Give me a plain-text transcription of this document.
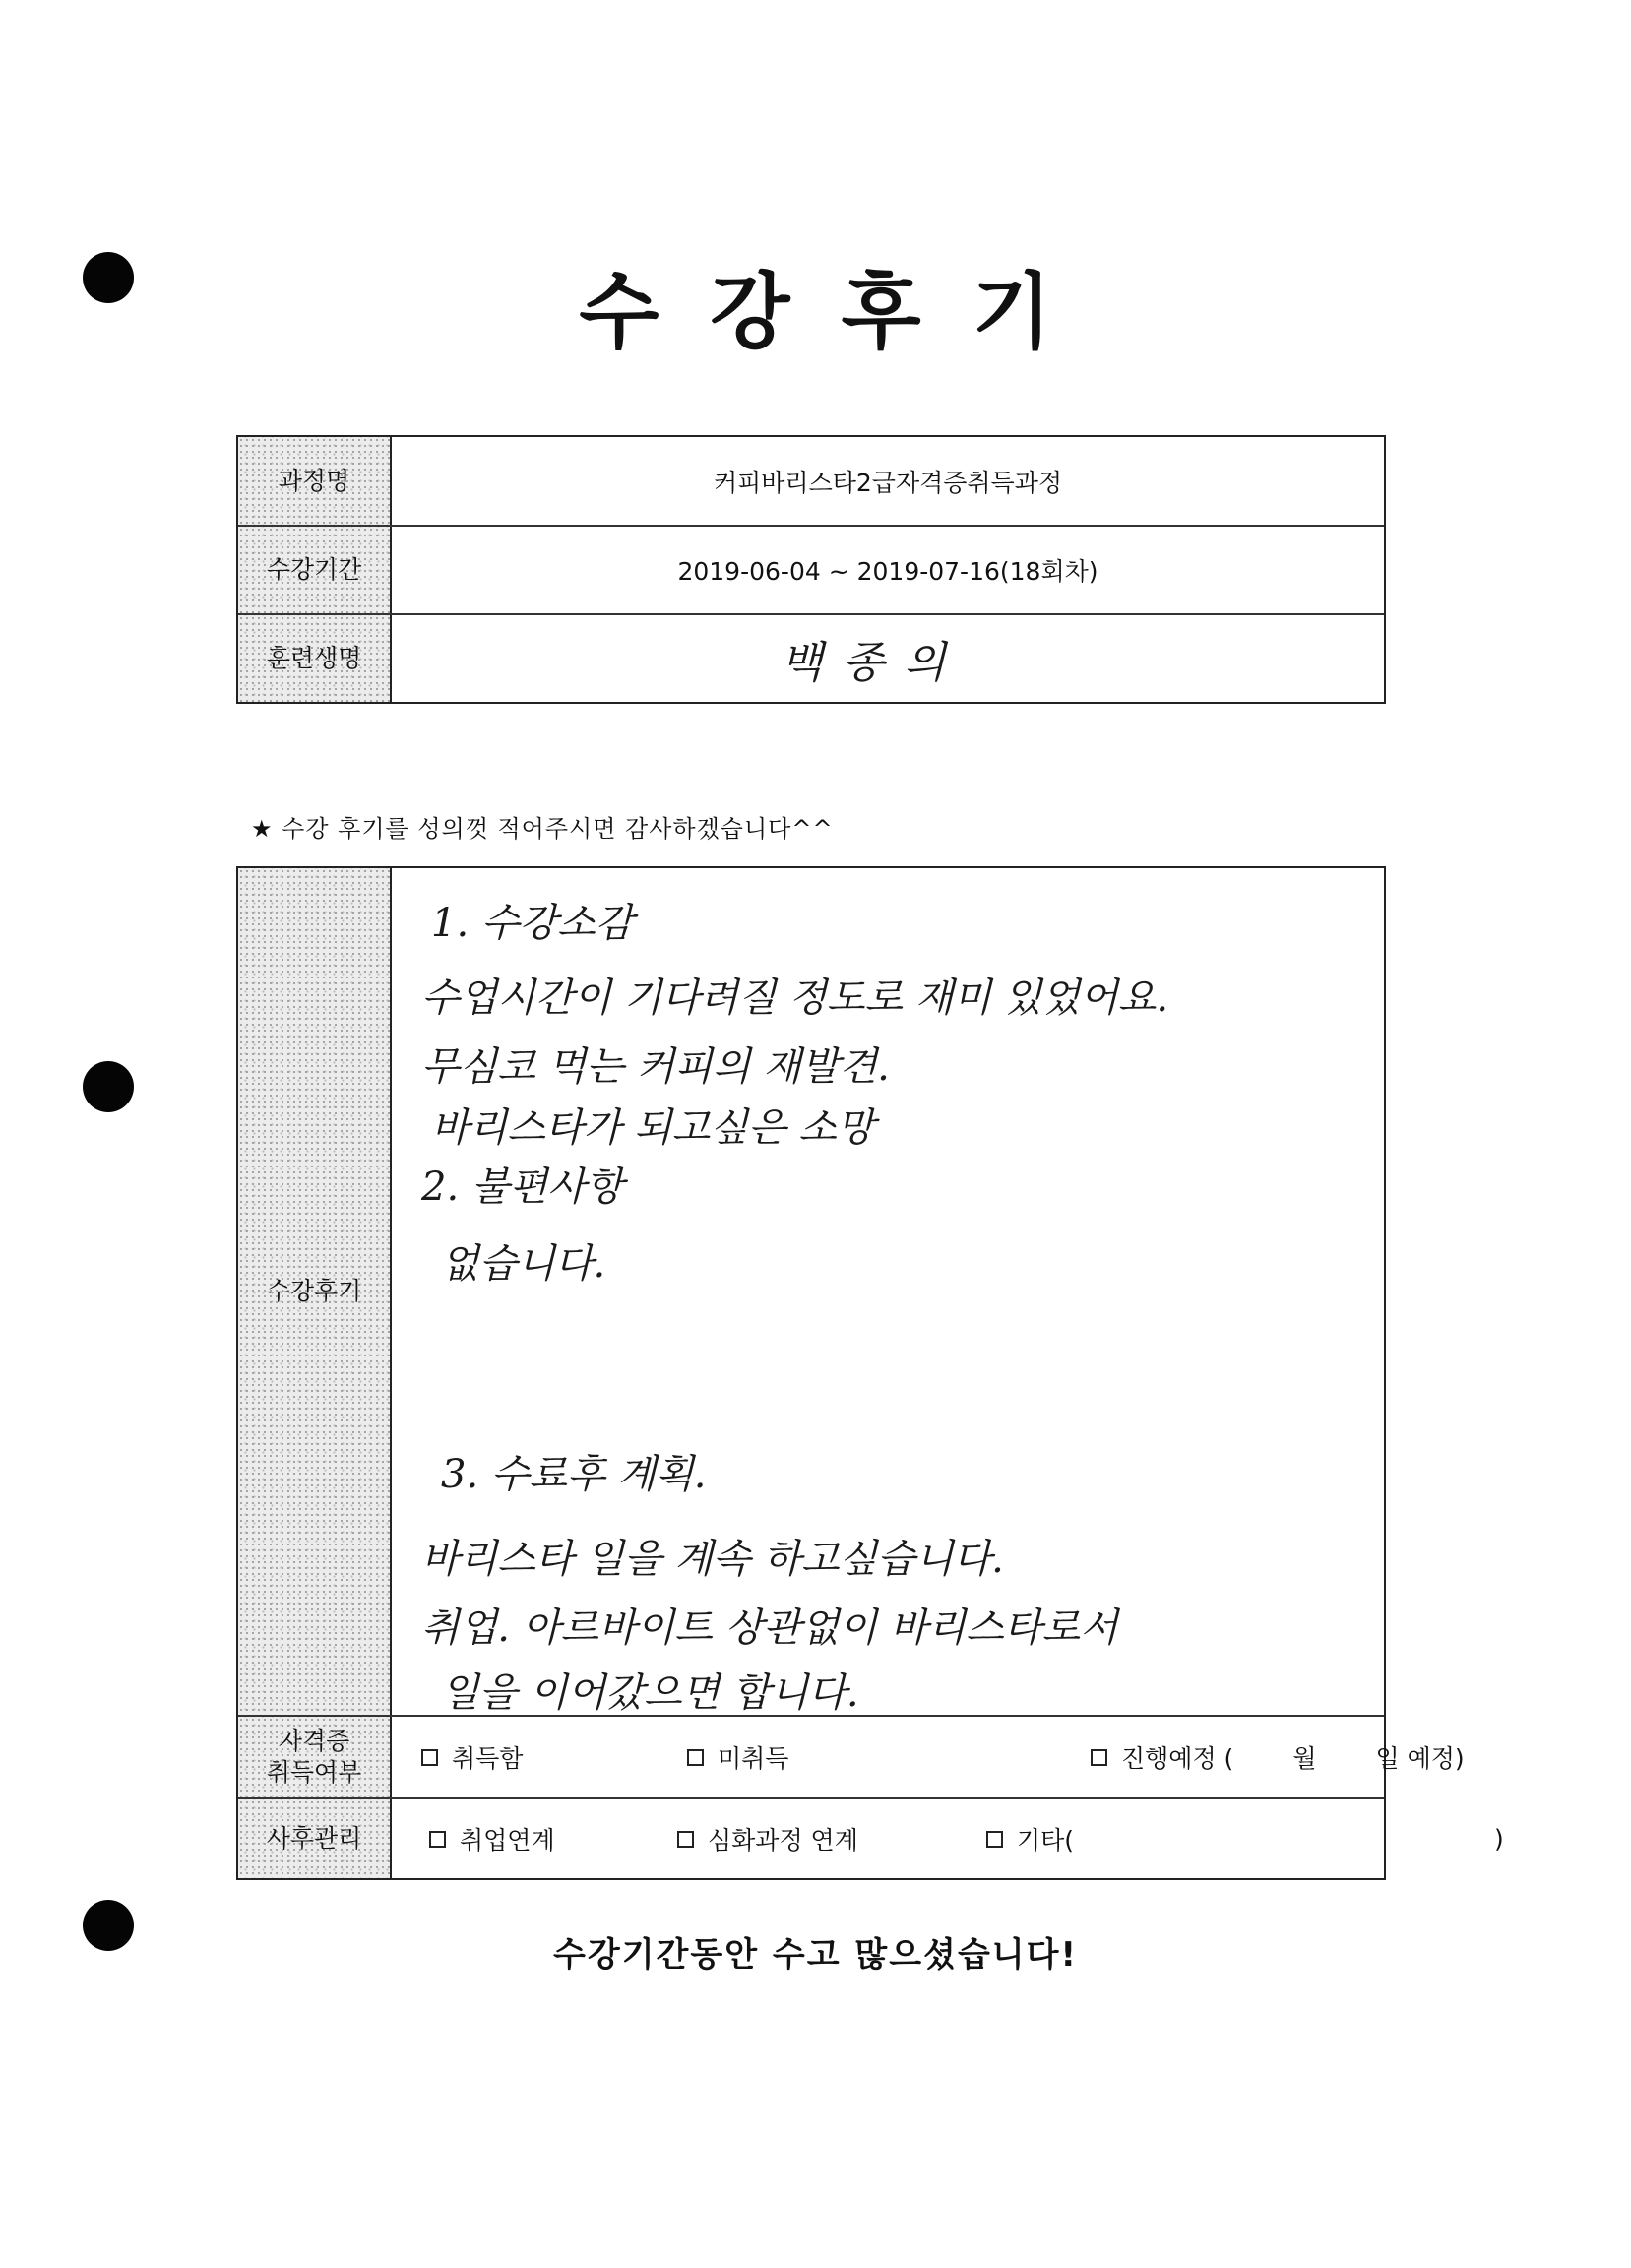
수강후기
과정명	커피바리스타2급자격증취득과정
수강기간	2019-06-04 ~ 2019-07-16(18회차)
훈련생명	백종의
★ 수강 후기를 성의껏 적어주시면 감사하겠습니다^^
수강후기
1. 수강소감
수업시간이 기다려질 정도로 재미 있었어요.
무심코 먹는 커피의 재발견.
바리스타가 되고싶은 소망
2. 불편사항
없습니다.
3. 수료후 계획.
바리스타 일을 계속 하고싶습니다.
취업. 아르바이트 상관없이 바리스타로서
일을 이어갔으면 합니다.
자격증
취득여부	취득함	미취득	진행예정 ( 월 일 예정)
사후관리	취업연계	심화과정 연계	기타(	)
수강기간동안 수고 많으셨습니다!
